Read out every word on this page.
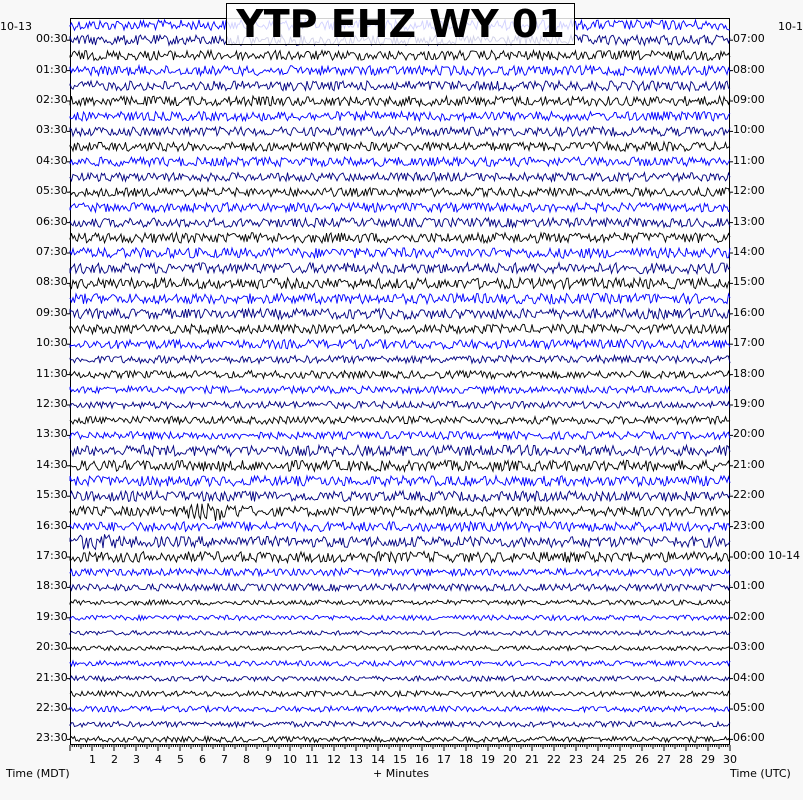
YTP EHZ WY 01
10-13	10-1
00:30
01:30
02:30
03:30
04:30
05:30
06:30
07:30
08:30
09:30
10:30
11:30
12:30
13:30
14:30
15:30
16:30
17:30
18:30
19:30
20:30
21:30
22:30
23:30
07:00
08:00
09:00
10:00
11:00
12:00
13:00
14:00
15:00
16:00
17:00
18:00
19:00
20:00
21:00
22:00
23:00
00:00 10-14
01:00
02:00
03:00
04:00
05:00
06:00
1 2 3 4 5 6 7 8 9 10 11 12 13 14 15 16 17 18 19 20 21 22 23 24 25 26 27 28 29 30
Time (MDT)	+ Minutes	Time (UTC)
